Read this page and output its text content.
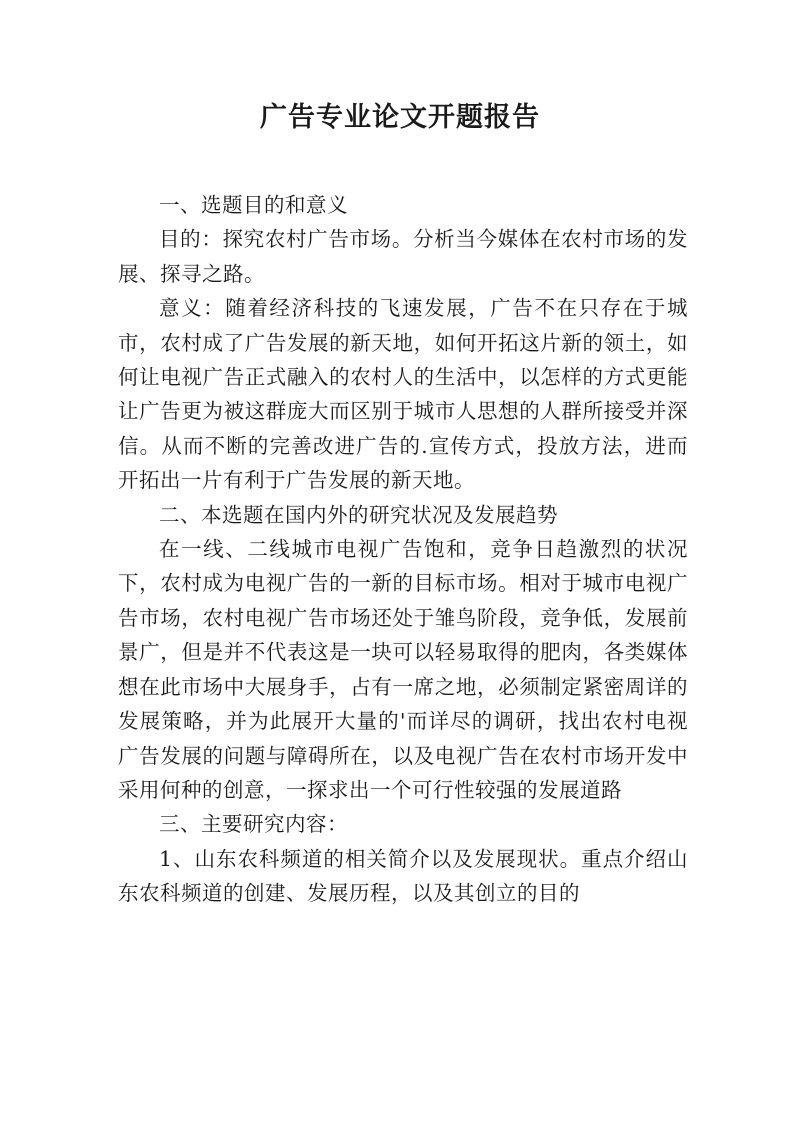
广告专业论文开题报告

一、选题目的和意义

目的：探究农村广告市场。分析当今媒体在农村市场的发展、探寻之路。

意义：随着经济科技的飞速发展，广告不在只存在于城市，农村成了广告发展的新天地，如何开拓这片新的领土，如何让电视广告正式融入的农村人的生活中，以怎样的方式更能让广告更为被这群庞大而区别于城市人思想的人群所接受并深信。从而不断的完善改进广告的.宣传方式，投放方法，进而开拓出一片有利于广告发展的新天地。

二、本选题在国内外的研究状况及发展趋势

在一线、二线城市电视广告饱和，竞争日趋激烈的状况下，农村成为电视广告的一新的目标市场。相对于城市电视广告市场，农村电视广告市场还处于雏鸟阶段，竞争低，发展前景广，但是并不代表这是一块可以轻易取得的肥肉，各类媒体想在此市场中大展身手，占有一席之地，必须制定紧密周详的发展策略，并为此展开大量的'而详尽的调研，找出农村电视广告发展的问题与障碍所在，以及电视广告在农村市场开发中采用何种的创意，一探求出一个可行性较强的发展道路

三、主要研究内容：

1、山东农科频道的相关简介以及发展现状。重点介绍山东农科频道的创建、发展历程，以及其创立的目的
